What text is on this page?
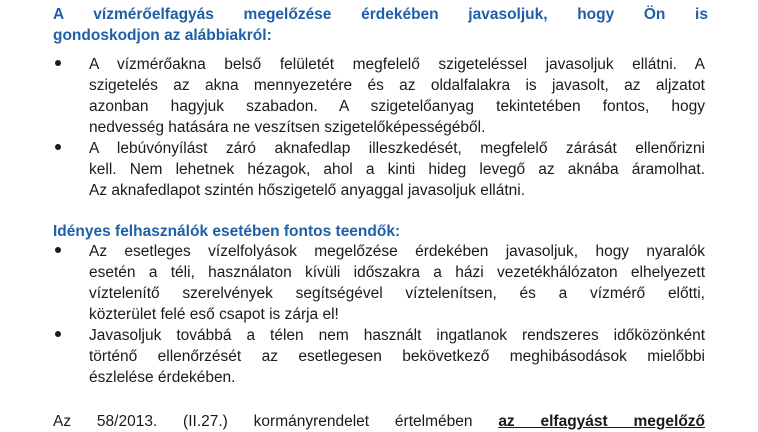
A vízmérőelfagyás megelőzése érdekében javasoljuk, hogy Ön is
gondoskodjon az alábbiakról:

A vízmérőakna belső felületét megfelelő szigeteléssel javasoljuk ellátni. A
szigetelés az akna mennyezetére és az oldalfalakra is javasolt, az aljzatot
azonban hagyjuk szabadon. A szigetelőanyag tekintetében fontos, hogy
nedvesség hatására ne veszítsen szigetelőképességéből.
A lebúvónyílást záró aknafedlap illeszkedését, megfelelő zárását ellenőrizni
kell. Nem lehetnek hézagok, ahol a kinti hideg levegő az aknába áramolhat.
Az aknafedlapot szintén hőszigetelő anyaggal javasoljuk ellátni.

Idényes felhasználók esetében fontos teendők:

Az esetleges vízelfolyások megelőzése érdekében javasoljuk, hogy nyaralók
esetén a téli, használaton kívüli időszakra a házi vezetékhálózaton elhelyezett
víztelenítő szerelvények segítségével víztelenítsen, és a vízmérő előtti,
közterület felé eső csapot is zárja el!
Javasoljuk továbbá a télen nem használt ingatlanok rendszeres időközönként
történő ellenőrzését az esetlegesen bekövetkező meghibásodások mielőbbi
észlelése érdekében.

Az 58/2013. (II.27.) kormányrendelet értelmében az elfagyást megelőző
